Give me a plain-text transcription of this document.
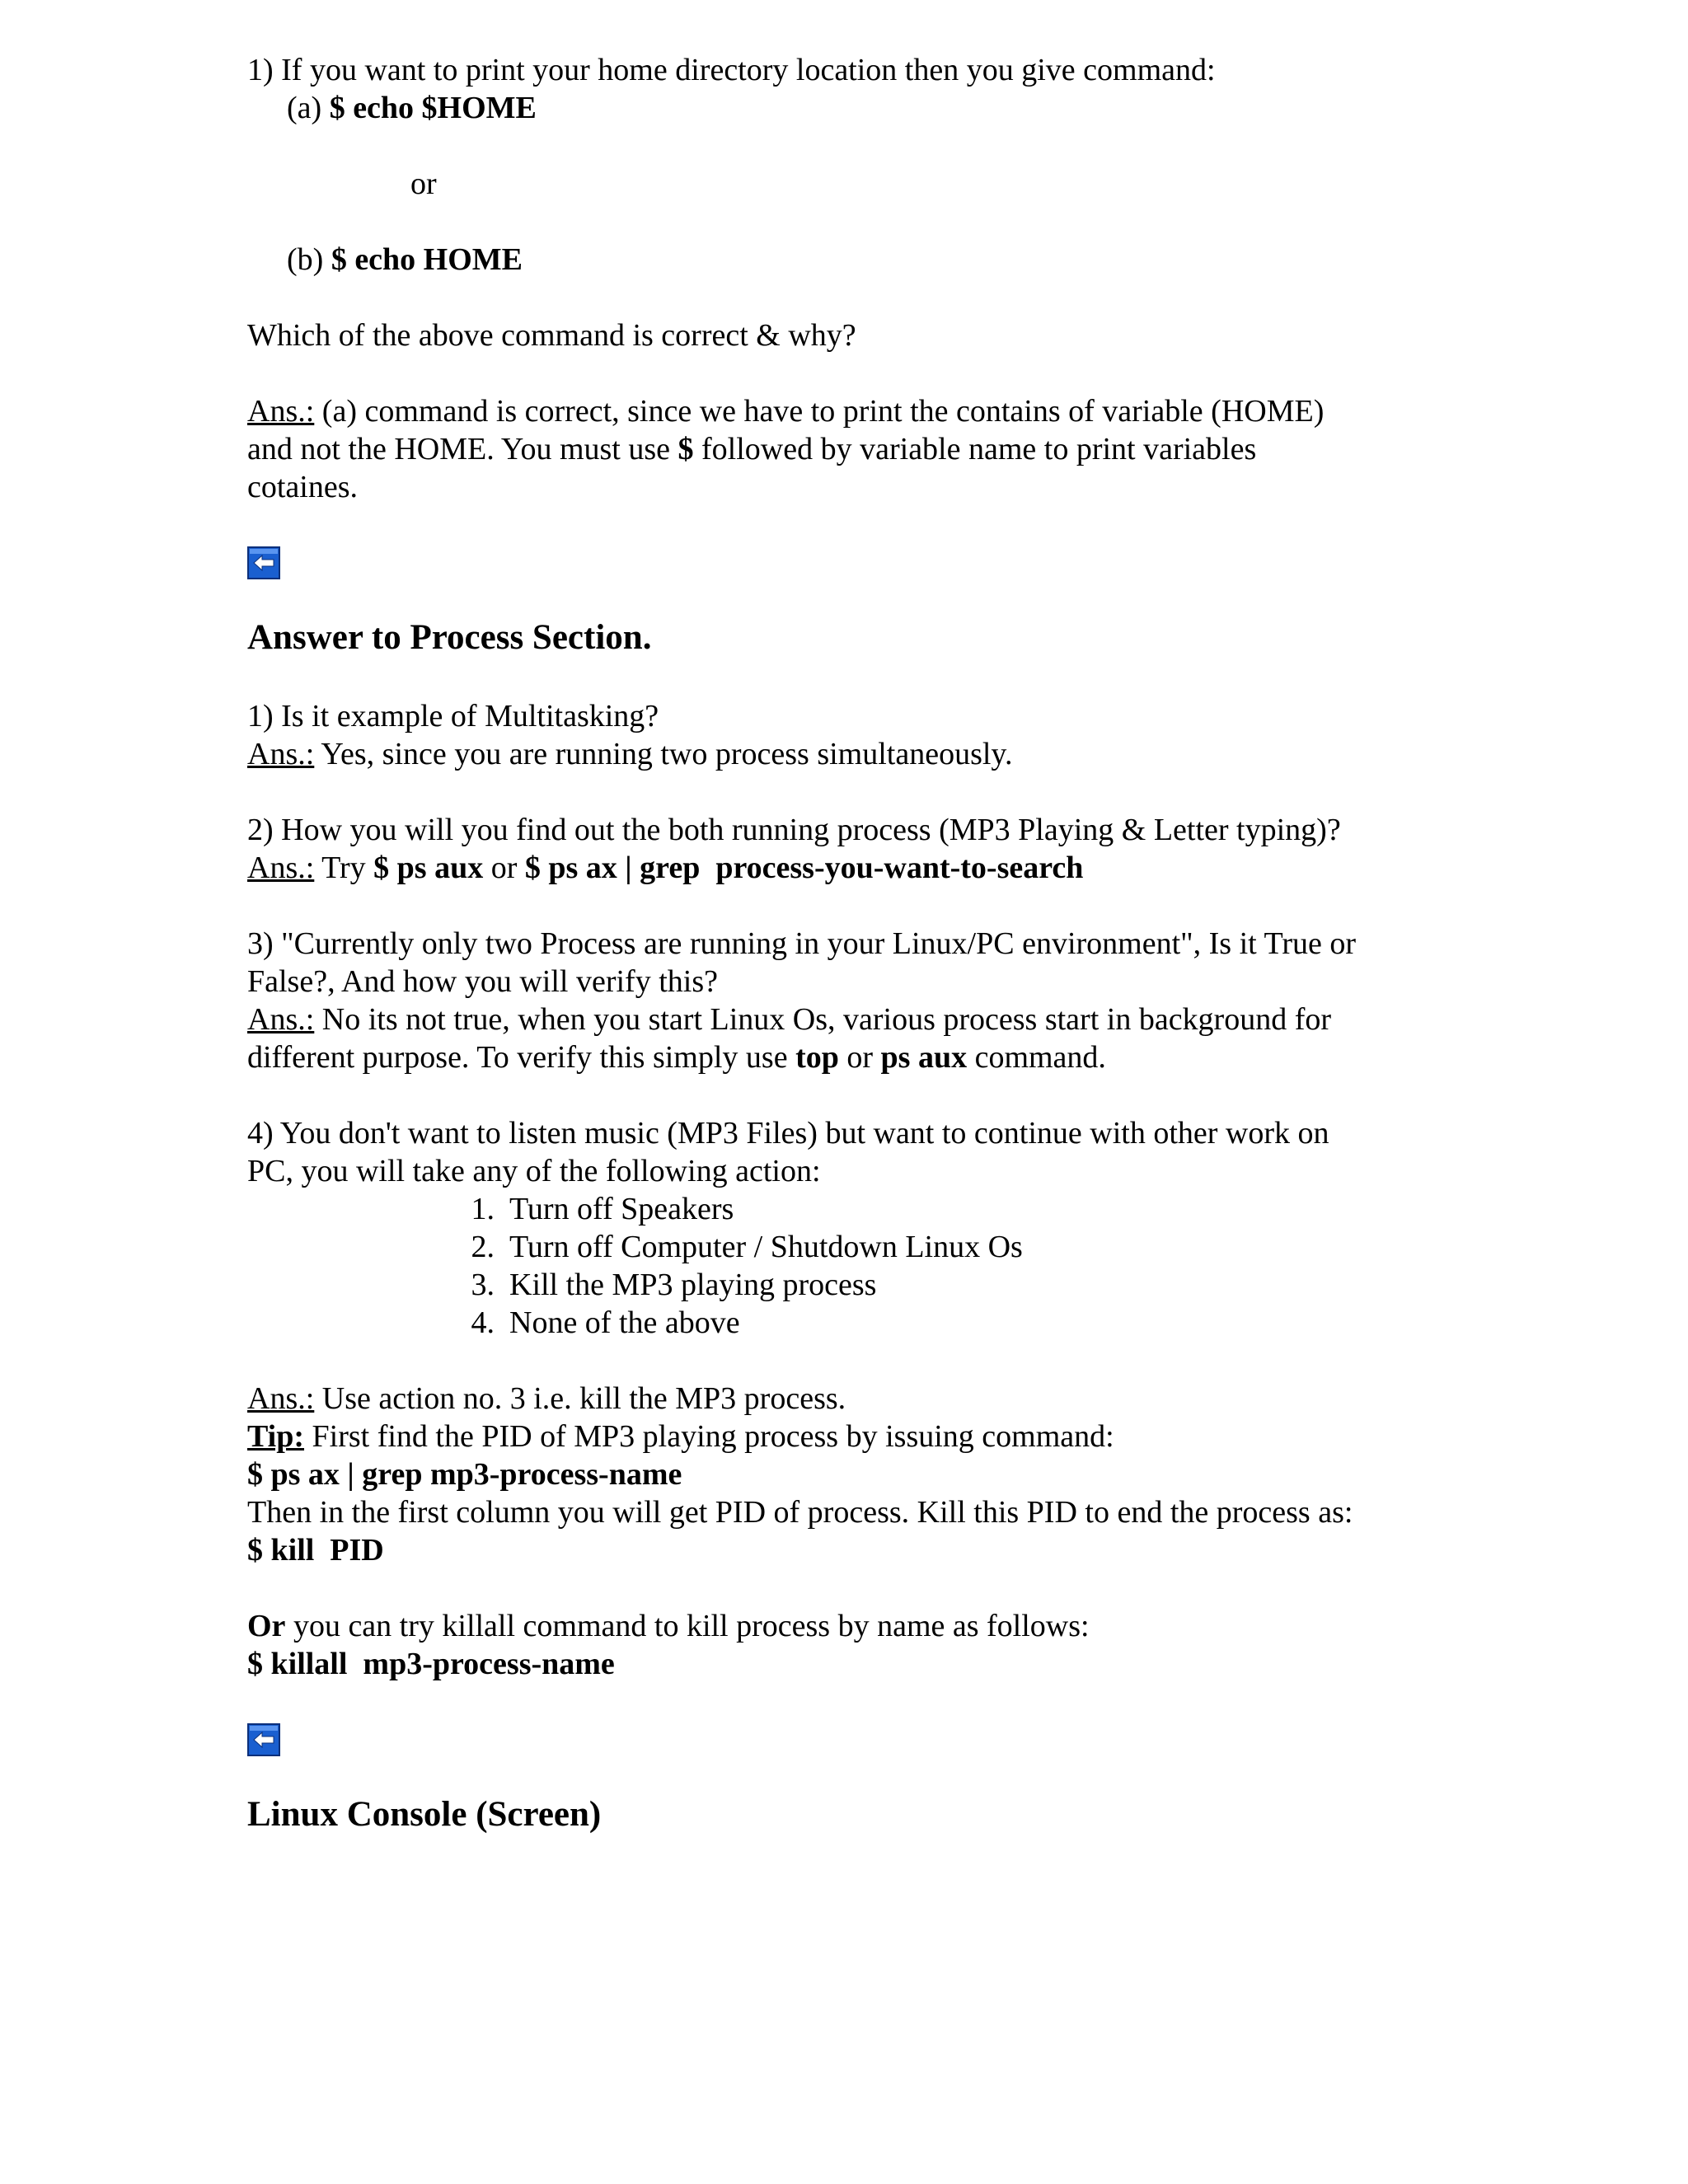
1) If you want to print your home directory location then you give command:

(a) $ echo $HOME

or

(b) $ echo HOME

Which of the above command is correct & why?

Ans.: (a) command is correct, since we have to print the contains of variable (HOME)

and not the HOME. You must use $ followed by variable name to print variables

cotaines.

Answer to Process Section.

1) Is it example of Multitasking?

Ans.: Yes, since you are running two process simultaneously.

2) How you will you find out the both running process (MP3 Playing & Letter typing)?

Ans.: Try $ ps aux or $ ps ax | grep  process-you-want-to-search

3) "Currently only two Process are running in your Linux/PC environment", Is it True or

False?, And how you will verify this?

Ans.: No its not true, when you start Linux Os, various process start in background for

different purpose. To verify this simply use top or ps aux command.

4) You don't want to listen music (MP3 Files) but want to continue with other work on

PC, you will take any of the following action:

1. Turn off Speakers
2. Turn off Computer / Shutdown Linux Os
3. Kill the MP3 playing process
4. None of the above

Ans.: Use action no. 3 i.e. kill the MP3 process.

Tip: First find the PID of MP3 playing process by issuing command:

$ ps ax | grep mp3-process-name

Then in the first column you will get PID of process. Kill this PID to end the process as:

$ kill  PID

Or you can try killall command to kill process by name as follows:

$ killall  mp3-process-name

Linux Console (Screen)
